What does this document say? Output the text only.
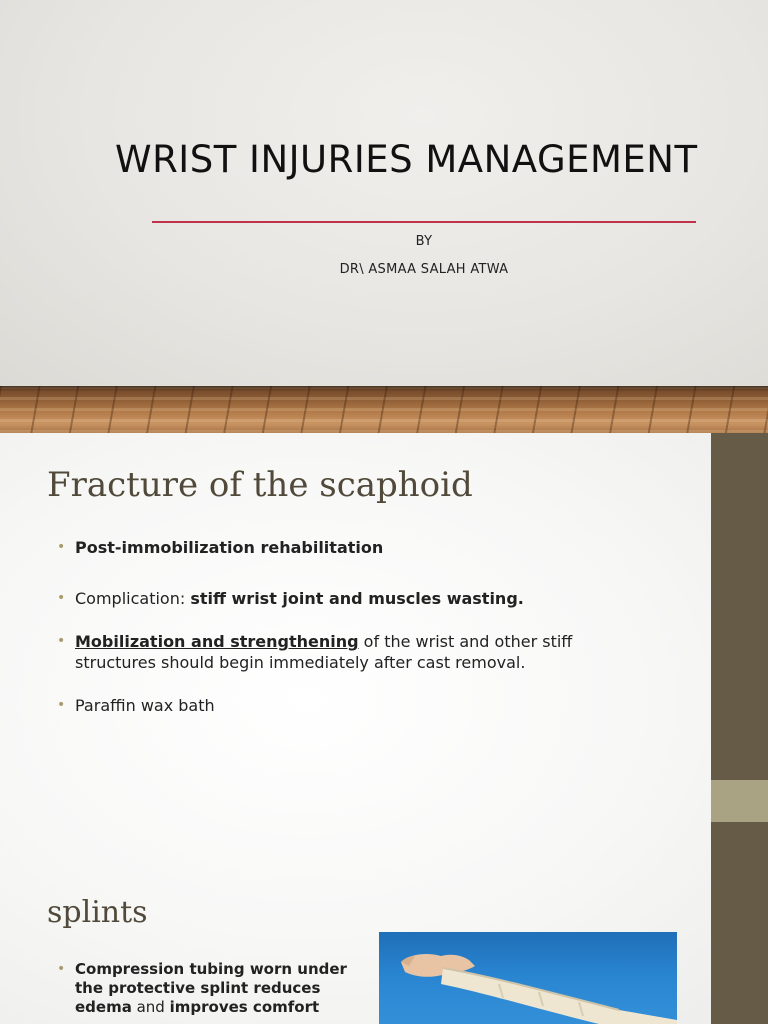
WRIST INJURIES MANAGEMENT
BY
DR\ ASMAA SALAH ATWA
Fracture of the scaphoid
• Post-immobilization rehabilitation
• Complication: stiff wrist joint and muscles wasting.
• Mobilization and strengthening of the wrist and other stiff structures should begin immediately after cast removal.
• Paraffin wax bath
splints
• Compression tubing worn under the protective splint reduces edema and improves comfort
